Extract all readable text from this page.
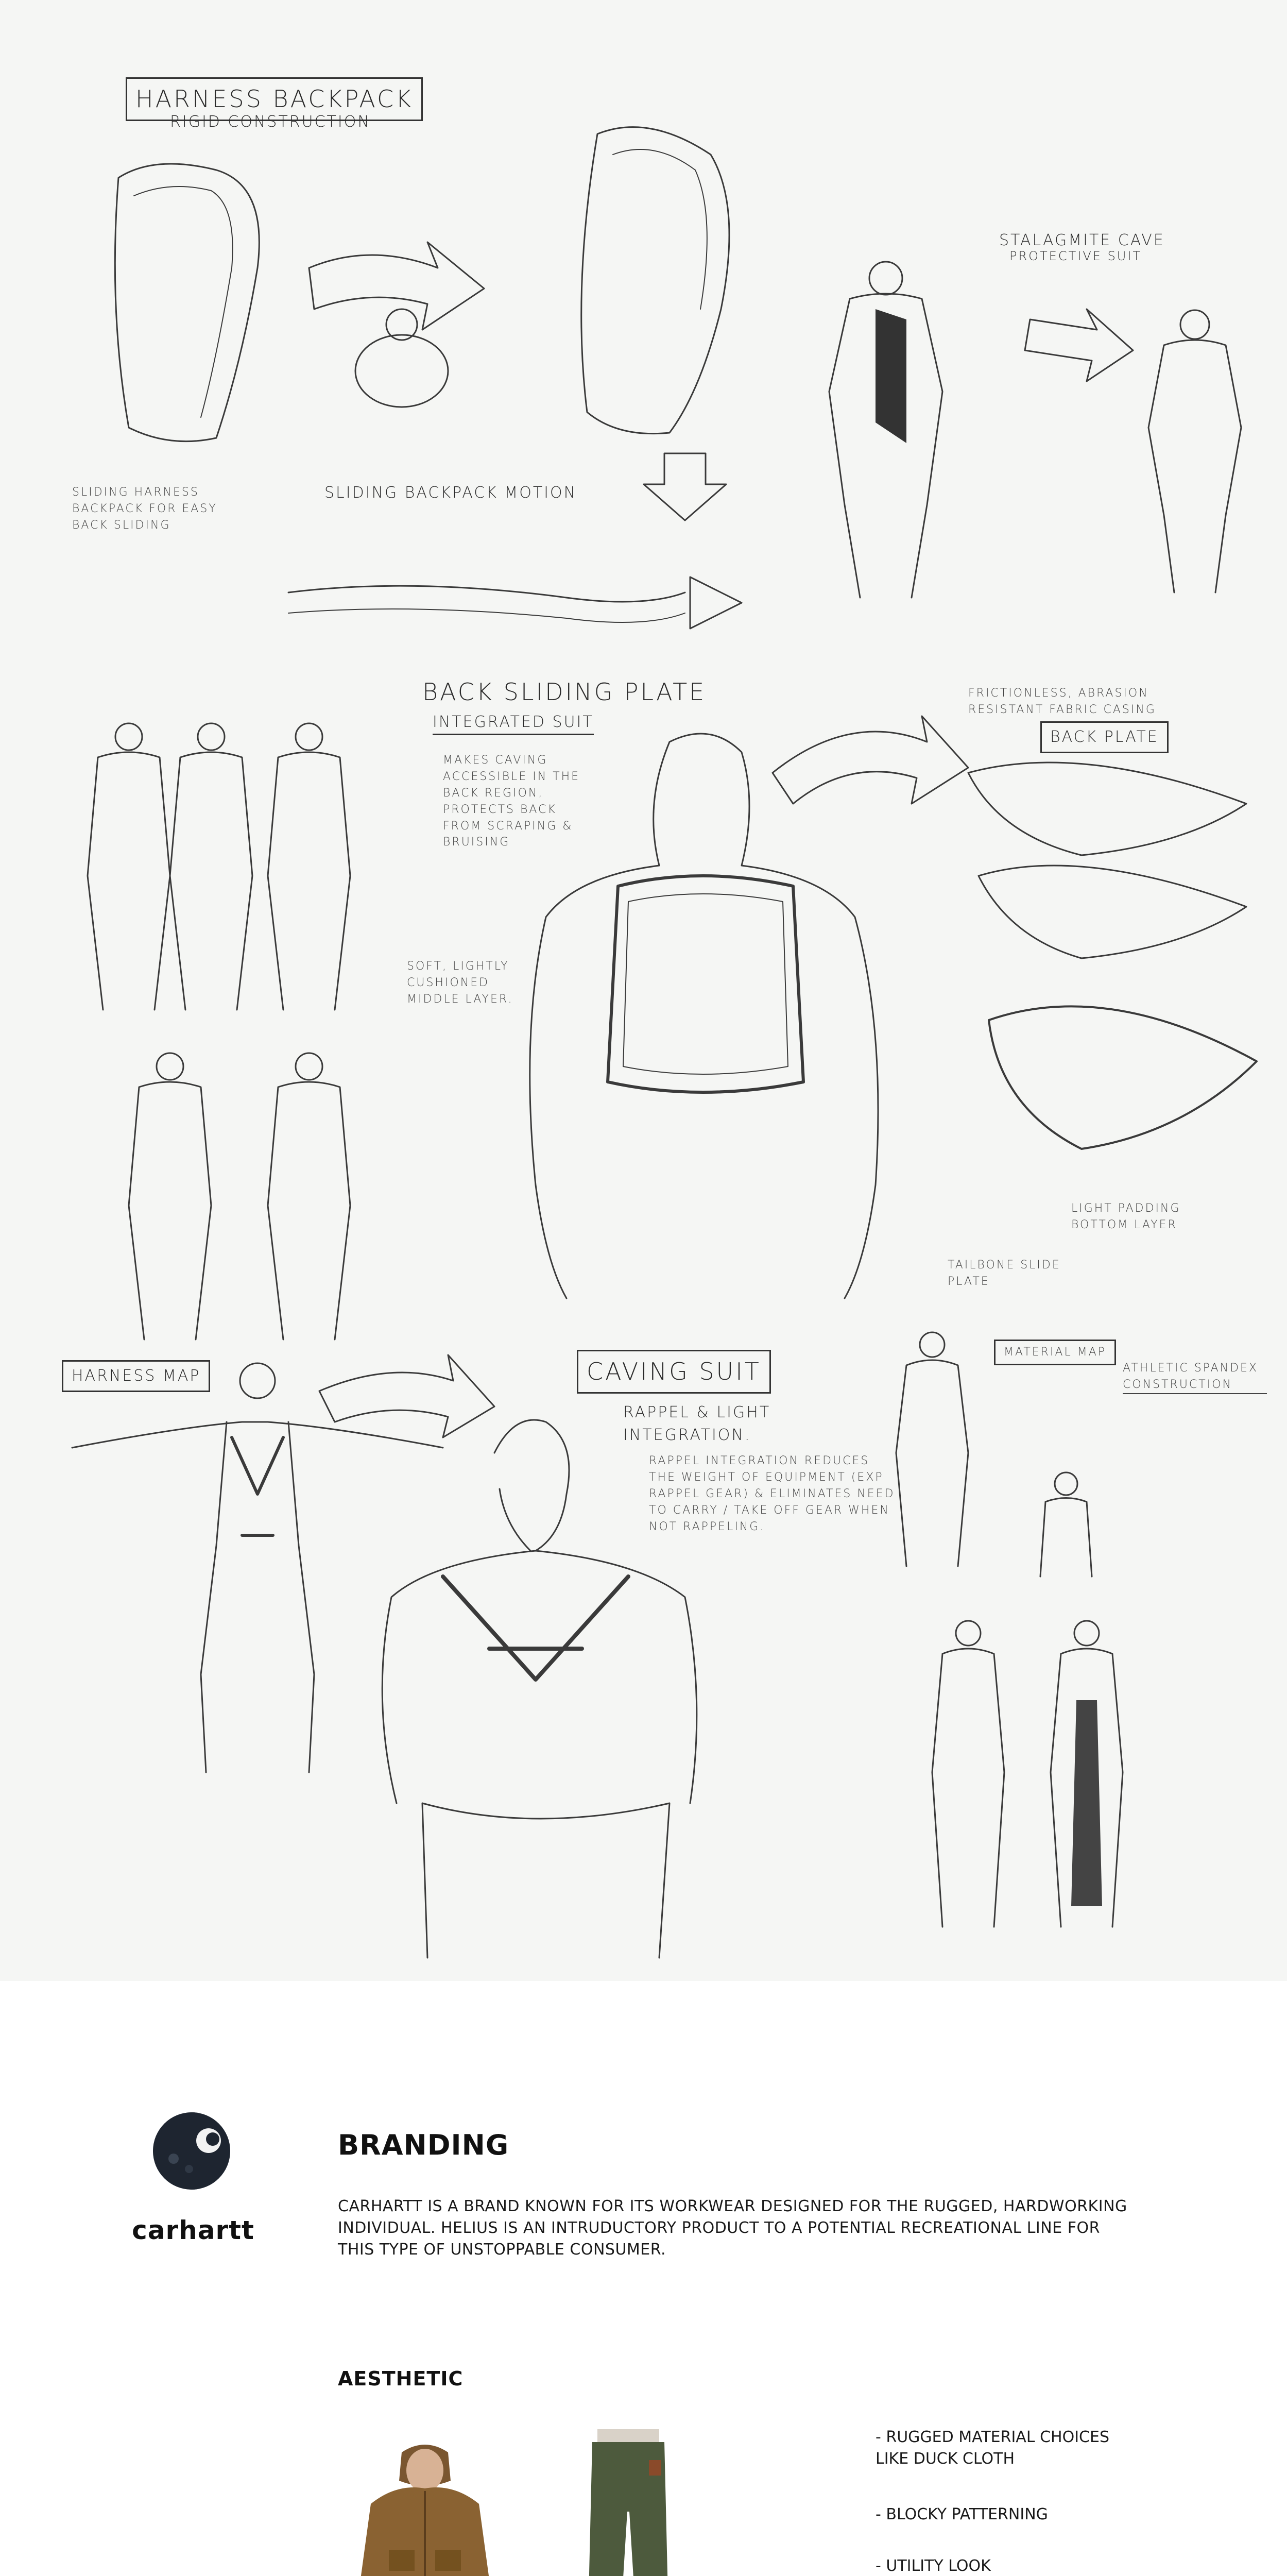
HARNESS BACKPACK
RIGID CONSTRUCTION
STALAGMITE CAVE
PROTECTIVE SUIT
SLIDING HARNESS BACKPACK FOR EASY BACK SLIDING
SLIDING BACKPACK MOTION
BACK SLIDING PLATE
INTEGRATED SUIT
MAKES CAVING ACCESSIBLE IN THE BACK REGION, PROTECTS BACK FROM SCRAPING & BRUISING
FRICTIONLESS, ABRASION RESISTANT FABRIC CASING
BACK PLATE
SOFT, LIGHTLY CUSHIONED MIDDLE LAYER.
TAILBONE SLIDE PLATE
LIGHT PADDING BOTTOM LAYER
HARNESS MAP	CAVING SUIT
RAPPEL & LIGHT INTEGRATION.
RAPPEL INTEGRATION REDUCES THE WEIGHT OF EQUIPMENT (EXP RAPPEL GEAR) & ELIMINATES NEED TO CARRY / TAKE OFF GEAR WHEN NOT RAPPELING.
MATERIAL MAP
ATHLETIC SPANDEX CONSTRUCTION
carhartt
BRANDING
CARHARTT IS A BRAND KNOWN FOR ITS WORKWEAR DESIGNED FOR THE RUGGED, HARDWORKING INDIVIDUAL. HELIUS IS AN INTRUDUCTORY PRODUCT TO A POTENTIAL RECREATIONAL LINE FOR THIS TYPE OF UNSTOPPABLE CONSUMER.
AESTHETIC
- RUGGED MATERIAL CHOICES
LIKE DUCK CLOTH
- BLOCKY PATTERNING
- UTILITY LOOK
